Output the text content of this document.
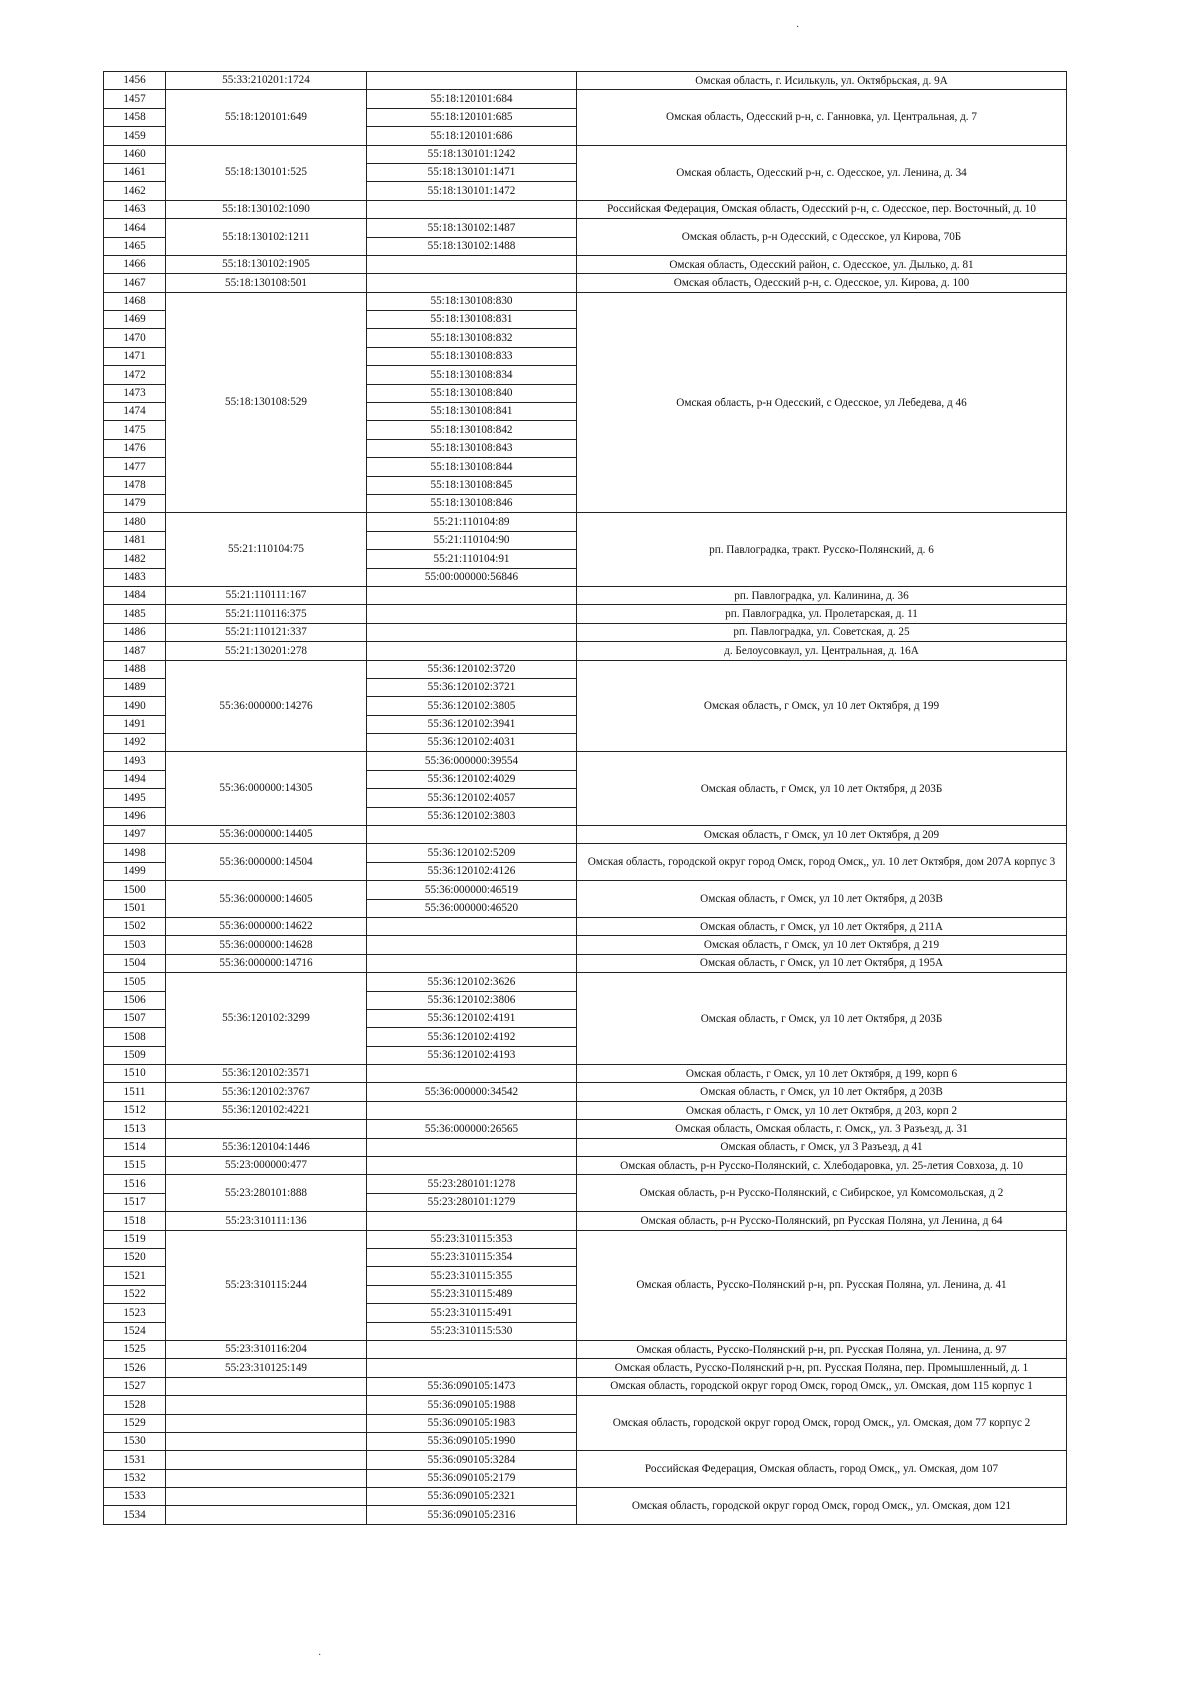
1456	55:33:210201:1724		Омская область, г. Исилькуль, ул. Октябрьская, д. 9А
1457	55:18:120101:649	55:18:120101:684	Омская область, Одесский р-н, с. Ганновка, ул. Центральная, д. 7
1458		55:18:120101:685	
1459		55:18:120101:686	
1460	55:18:130101:525	55:18:130101:1242	Омская область, Одесский р-н, с. Одесское, ул. Ленина, д. 34
1461		55:18:130101:1471	
1462		55:18:130101:1472	
1463	55:18:130102:1090		Российская Федерация, Омская область, Одесский р-н, с. Одесское, пер. Восточный, д. 10
1464	55:18:130102:1211	55:18:130102:1487	Омская область, р-н Одесский, с Одесское, ул Кирова, 70Б
1465		55:18:130102:1488	
1466	55:18:130102:1905		Омская область, Одесский район, с. Одесское, ул. Дылько, д. 81
1467	55:18:130108:501		Омская область, Одесский р-н, с. Одесское, ул. Кирова, д. 100
1468	55:18:130108:529	55:18:130108:830	Омская область, р-н Одесский, с Одесское, ул Лебедева, д 46
1469		55:18:130108:831	
1470		55:18:130108:832	
1471		55:18:130108:833	
1472		55:18:130108:834	
1473		55:18:130108:840	
1474		55:18:130108:841	
1475		55:18:130108:842	
1476		55:18:130108:843	
1477		55:18:130108:844	
1478		55:18:130108:845	
1479		55:18:130108:846	
1480	55:21:110104:75	55:21:110104:89	рп. Павлоградка, тракт. Русско-Полянский, д. 6
1481		55:21:110104:90	
1482		55:21:110104:91	
1483		55:00:000000:56846	
1484	55:21:110111:167		рп. Павлоградка, ул. Калинина, д. 36
1485	55:21:110116:375		рп. Павлоградка, ул. Пролетарская, д. 11
1486	55:21:110121:337		рп. Павлоградка, ул. Советская, д. 25
1487	55:21:130201:278		д. Белоусовкаул, ул. Центральная, д. 16А
1488	55:36:000000:14276	55:36:120102:3720	Омская область, г Омск, ул 10 лет Октября, д 199
1489		55:36:120102:3721	
1490		55:36:120102:3805	
1491		55:36:120102:3941	
1492		55:36:120102:4031	
1493	55:36:000000:14305	55:36:000000:39554	Омская область, г Омск, ул 10 лет Октября, д 203Б
1494		55:36:120102:4029	
1495		55:36:120102:4057	
1496		55:36:120102:3803	
1497	55:36:000000:14405		Омская область, г Омск, ул 10 лет Октября, д 209
1498	55:36:000000:14504	55:36:120102:5209	Омская область, городской округ город Омск, город Омск,, ул. 10 лет Октября, дом 207А корпус 3
1499		55:36:120102:4126	
1500	55:36:000000:14605	55:36:000000:46519	Омская область, г Омск, ул 10 лет Октября, д 203В
1501		55:36:000000:46520	
1502	55:36:000000:14622		Омская область, г Омск, ул 10 лет Октября, д 211А
1503	55:36:000000:14628		Омская область, г Омск, ул 10 лет Октября, д 219
1504	55:36:000000:14716		Омская область, г Омск, ул 10 лет Октября, д 195А
1505	55:36:120102:3299	55:36:120102:3626	Омская область, г Омск, ул 10 лет Октября, д 203Б
1506		55:36:120102:3806	
1507		55:36:120102:4191	
1508		55:36:120102:4192	
1509		55:36:120102:4193	
1510	55:36:120102:3571		Омская область, г Омск, ул 10 лет Октября, д 199, корп 6
1511	55:36:120102:3767	55:36:000000:34542	Омская область, г Омск, ул 10 лет Октября, д 203В
1512	55:36:120102:4221		Омская область, г Омск, ул 10 лет Октября, д 203, корп 2
1513		55:36:000000:26565	Омская область, Омская область, г. Омск,, ул. 3 Разъезд, д. 31
1514	55:36:120104:1446		Омская область, г Омск, ул 3 Разъезд, д 41
1515	55:23:000000:477		Омская область, р-н Русско-Полянский, с. Хлебодаровка, ул. 25-летия Совхоза, д. 10
1516	55:23:280101:888	55:23:280101:1278	Омская область, р-н Русско-Полянский, с Сибирское, ул Комсомольская, д 2
1517		55:23:280101:1279	
1518	55:23:310111:136		Омская область, р-н Русско-Полянский, рп Русская Поляна, ул Ленина, д 64
1519	55:23:310115:244	55:23:310115:353	Омская область, Русско-Полянский р-н, рп. Русская Поляна, ул. Ленина, д. 41
1520		55:23:310115:354	
1521		55:23:310115:355	
1522		55:23:310115:489	
1523		55:23:310115:491	
1524		55:23:310115:530	
1525	55:23:310116:204		Омская область, Русско-Полянский р-н, рп. Русская Поляна, ул. Ленина, д. 97
1526	55:23:310125:149		Омская область, Русско-Полянский р-н, рп. Русская Поляна, пер. Промышленный, д. 1
1527		55:36:090105:1473	Омская область, городской округ город Омск, город Омск,, ул. Омская, дом 115 корпус 1
1528		55:36:090105:1988	Омская область, городской округ город Омск, город Омск,, ул. Омская, дом 77 корпус 2
1529		55:36:090105:1983	
1530		55:36:090105:1990	
1531		55:36:090105:3284	Российская Федерация, Омская область, город Омск,, ул. Омская, дом 107
1532		55:36:090105:2179	
1533		55:36:090105:2321	Омская область, городской округ город Омск, город Омск,, ул. Омская, дом 121
1534		55:36:090105:2316	
·
·
